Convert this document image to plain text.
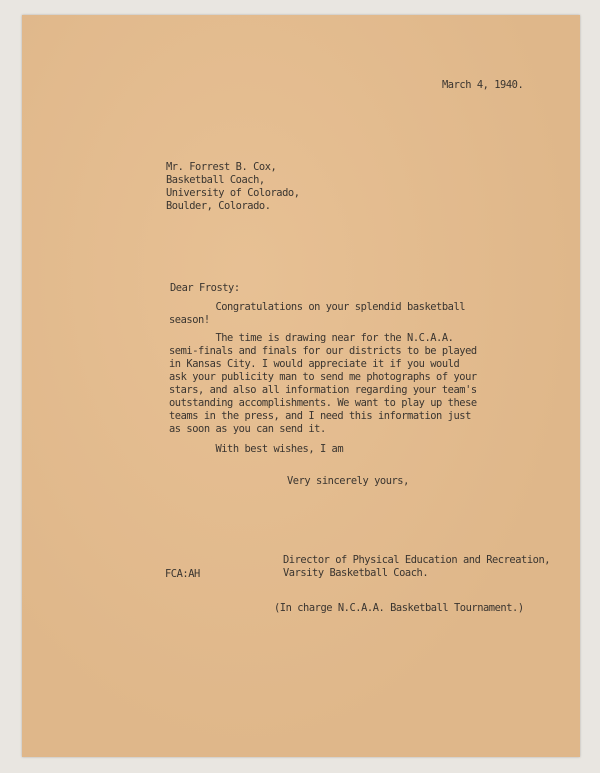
March 4, 1940.

Mr. Forrest B. Cox,

Basketball Coach,

University of Colorado,

Boulder, Colorado.

Dear Frosty:

Congratulations on your splendid basketball

season!

The time is drawing near for the N.C.A.A.

semi-finals and finals for our districts to be played

in Kansas City. I would appreciate it if you would

ask your publicity man to send me photographs of your

stars, and also all information regarding your team's

outstanding accomplishments. We want to play up these

teams in the press, and I need this information just

as soon as you can send it.

With best wishes, I am

Very sincerely yours,

Director of Physical Education and Recreation,

Varsity Basketball Coach.

FCA:AH

(In charge N.C.A.A. Basketball Tournament.)
